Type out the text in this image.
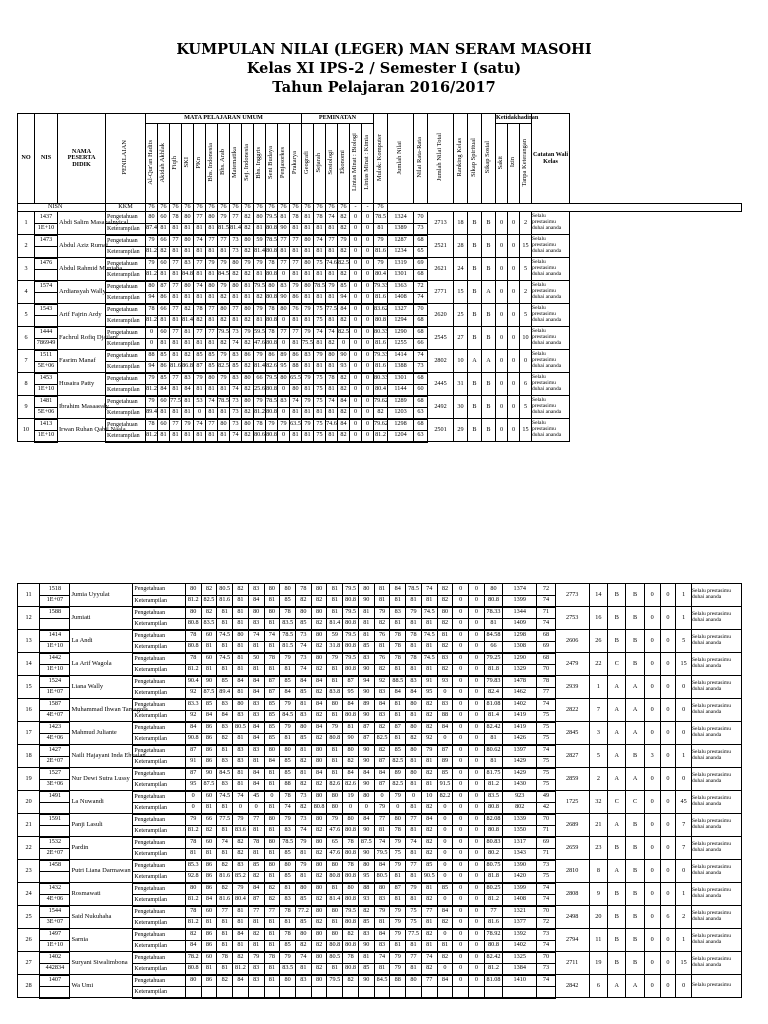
KUMPULAN NILAI (LEGER) MAN SERAM MASOHI
Kelas XI IPS-2 / Semester I (satu)
Tahun Pelajaran 2016/2017
NO	NIS	NAMA PESERTA DIDIK	PENILAIAN	MATA PELAJARAN UMUM													PEMINATAN						Mulok: Komputer	Jumlah Nilai	Nilai Rata-Rata	Jumlah Nilai Total	Ranking Kelas	Sikap Spiritual	Sikap Sosial	Ketidakhadiran			Catatan Wali Kelas
				Al-Qur'an Hadits	Akidah Akhlak	Fiqih	SKI	PKn	Bhs. Indonesia	Bhs. Arab	Matematika	Sej. Indonesia	Bhs. Inggris	Seni Budaya	Penjasorkes	Prakarya	Geografi	Sejarah	Sosiologi	Ekonomi	Lintas Minat : Biologi	Lintas Minat : Kimia								Sakit	Izin	Tanpa Keterangan	
NISN			KKM	76	76	76	76	76	76	76	76	76	76	76	76	76	76	76	76	76	-	-	76										
1	1437	Abdi Salim Masahalnyical	Pengetahuan	80	60	78	80	77	80	79	77	82	80	79.5	81	78	81	78	74	82	0	0	78.5	1324	70	2713	18	B	B	0	0	2	Selalu prestasimu duhai ananda
	1E+10		Keterampilan	87.4	81	81	81	81	81	81.5	81.4	82	81	80.8	90	81	81	81	81	82	0	0	81	1389	73								
2	1473	Abdul Aziz Rumaf	Pengetahuan	79	66	77	80	74	77	77	73	80	59	78.5	77	77	80	74	77	79	0	0	79	1287	68	2521	28	B	B	0	0	15	Selalu prestasimu duhai ananda
			Keterampilan	81.2	82	81	81	81	81	81	73	82	81.4	80.8	81	81	81	81	81	82	0	0	81.6	1234	65								
3	1476	Abdul Rahmid Muniaba	Pengetahuan	79	60	77	83	77	79	79	80	79	79	78	77	77	80	75	74.6	82.5	0	0	79	1319	69	2621	24	B	B	0	0	5	Selalu prestasimu duhai ananda
			Keterampilan	81.2	81	81	84.8	81	81	84.5	82	82	81	80.8	0	81	81	81	81	82	0	0	80.4	1301	68								
4	1574	Ardiansyah Wally	Pengetahuan	80	87	77	80	74	80	79	80	81	79.5	80	83	79	80	78.5	79	85	0	0	79.33	1363	72	2771	15	B	A	0	0	2	Selalu prestasimu duhai ananda
			Keterampilan	94	86	81	81	81	81	82	81	81	82	80.8	90	86	81	81	81	94	0	0	81.6	1408	74								
5	1543	Arif Fajrin Ardy	Pengetahuan	78	66	77	82	78	77	80	77	80	79	78	80	76	79	75	77.5	84	0	0	83.62	1327	70	2620	25	B	B	0	0	5	Selalu prestasimu duhai ananda
			Keterampilan	81.2	81	81	81.4	82	81	82	81	82	81	80.8	0	81	81	75	81	82	0	0	80.8	1294	68								
6	1444	Fachrul Rofiq Djailani	Pengetahuan	0	60	77	81	77	77	79.5	73	79	59.5	78	77	77	79	74	74	82.5	0	0	80.33	1290	68	2545	27	B	B	0	0	10	Selalu prestasimu duhai ananda
	786949		Keterampilan	0	81	81	81	81	81	82	74	82	47.6	80.8	0	81	75.5	81	82	0	0	0	81.6	1255	66								
7	1511	Fasrim Manaf	Pengetahuan	88	85	81	82	85	85	79	83	86	79	86	89	86	83	79	80	90	0	0	79.33	1414	74	2802	10	A	A	0	0	0	Selalu prestasimu duhai ananda
	5E+06		Keterampilan	94	86	81.6	86.8	87	85	82.5	85	82	81.4	82.6	95	88	81	81	81	93	0	0	81.6	1388	73								
8	1453	Husaira Patty	Pengetahuan	79	85	77	83	79	80	79	83	80	66	79.5	80	65.5	79	75	78	82	0	0	80.33	1301	68	2445	31	B	B	0	0	6	Selalu prestasimu duhai ananda
	1E+10		Keterampilan	81.2	84	81	84	81	81	81	74	82	25.6	80.8	0	80	81	75	81	82	0	0	80.4	1144	60								
9	1481	Ibrahim Masaaealy	Pengetahuan	79	60	77.5	81	53	74	78.5	73	80	79	78.5	83	74	79	75	74	84	0	0	79.62	1289	68	2492	30	B	B	0	0	5	Selalu prestasimu duhai ananda
	5E+06		Keterampilan	89.4	81	81	81	0	81	81	73	82	81.2	80.8	0	81	81	81	81	82	0	0	82	1203	63								
10	1413	Irwan Ruhan Qabil Naala	Pengetahuan	78	60	77	79	74	77	80	73	80	78	79	79	63.5	79	75	74.6	84	0	0	79.62	1298	68	2501	29	B	B	0	0	15	Selalu prestasimu duhai ananda
	1E+10		Keterampilan	81.2	81	81	81	81	81	81	74	82	80.6	80.8	0	81	81	75	81	82	0	0	81.2	1204	63								
11	1518	Jumia Uyyulat	Pengetahuan	80	82	80.5	82	83	80	80	78	80	81	79.5	80	81	84	78.5	74	82	0	0	80	1374	72	2773	14	B	B	0	0	1	Selalu prestasimu duhai ananda
	1E+07		Keterampilan	81.2	82.5	81.6	81	84	81	85	82	82	81	80.8	90	81	81	81	81	82	0	0	80.8	1399	74								
12	1588	Jumiati	Pengetahuan	80	82	81	81	80	80	78	80	80	81	79.5	81	79	83	79	74.5	80	0	0	78.33	1344	71	2753	16	B	B	0	0	1	Selalu prestasimu duhai ananda
			Keterampilan	80.8	83.5	81	81	83	81	83.5	85	82	81.4	80.8	81	82	81	81	81	82	0	0	81	1409	74								
13	1414	La Andi	Pengetahuan	78	60	74.5	80	74	74	78.5	73	80	59	79.5	81	76	78	78	74.5	81	0	0	84.58	1298	68	2606	26	B	B	0	0	5	Selalu prestasimu duhai ananda
	1E+10		Keterampilan	80.8	81	81	81	81	81	81.5	74	82	31.8	80.8	85	81	78	81	81	82	0	0	66	1308	69								
14	1442	La Arif Wagola	Pengetahuan	78	60	74.5	81	50	78	79	73	80	79	79.5	83	76	78	78	74.5	83	0	0	79.25	1290	68	2479	22	C	B	0	0	15	Selalu prestasimu duhai ananda
	1E+10		Keterampilan	81.2	81	81	81	81	81	81	74	82	81	80.8	90	82	81	81	81	82	0	0	81.8	1329	70								
15	1524	Liana Wally	Pengetahuan	90.4	90	85	84	84	87	85	84	84	81	87	94	92	88.5	83	91	93	0	0	79.83	1478	78	2939	1	A	A	0	0	0	Selalu prestasimu duhai ananda
	1E+07		Keterampilan	92	87.5	89.4	81	84	87	84	85	82	83.8	95	90	83	84	84	95	0	0	0	82.4	1462	77								
16	1587	Muhammad Ihwan Tamagola	Pengetahuan	83.3	85	83	80	83	85	79	81	84	80	84	89	84	81	80	82	83	0	0	81.08	1402	74	2822	7	A	A	0	0	0	Selalu prestasimu duhai ananda
	4E+07		Keterampilan	92	84	84	83	83	85	84.5	83	82	81	80.8	90	83	81	81	82	88	0	0	81.4	1419	75								
17	1423	Mahmud Juliante	Pengetahuan	84	86	83	80.5	84	85	79	80	84	79	81	87	82	87	80	82	84	0	0	82.42	1419	75	2845	3	A	A	0	0	0	Selalu prestasimu duhai ananda
	4E+06		Keterampilan	90.8	86	82	81	84	85	81	85	82	80.8	90	87	82.5	81	82	92	0	0	0	81	1426	75								
18	1427	Naili Hajayani Inda Ehualan	Pengetahuan	87	86	81	83	83	80	80	81	80	81	80	90	82	85	80	79	87	0	0	80.62	1397	74	2827	5	A	B	3	0	1	Selalu prestasimu duhai ananda
	2E+07		Keterampilan	91	86	83	83	81	84	85	82	80	81	82	90	87	82.5	81	81	89	0	0	81	1429	75								
19	1527	Nur Dewi Sutra Lussy	Pengetahuan	87	90	84.5	81	84	81	85	81	84	81	84	84	84	89	80	82	85	0	0	81.75	1429	75	2859	2	A	A	0	0	0	Selalu prestasimu duhai ananda
	3E+06		Keterampilan	95	87.5	83	81	84	81	88	82	82	82.6	82.6	90	87	82.5	81	81	91.5	0	0	81.2	1430	75								
20	1491	La Nuwandi	Pengetahuan	0	60	74.5	74	45	0	78	73	80	80	19	80	0	79	0	10	82.2	0	0	83.5	923	49	1725	32	C	C	0	0	45	Selalu prestasimu duhai ananda
			Keterampilan	0	81	81	0	0	81	74	82	80.8	80	0	0	79	0	81	82	0	0	0	80.8	802	42								
21	1591	Panji Lasuli	Pengetahuan	79	66	77.5	79	77	80	79	73	80	79	80	84	77	80	77	84	0	0	0	82.08	1339	70	2689	21	A	B	0	0	7	Selalu prestasimu duhai ananda
			Keterampilan	81.2	82	81	83.6	81	81	83	74	82	47.6	80.8	90	81	78	81	82	0	0	0	80.8	1350	71								
22	1532	Pardin	Pengetahuan	78	60	74	82	78	80	78.5	79	80	65	78	87.5	74	79	74	82	0	0	0	80.83	1317	69	2659	23	B	B	0	0	7	Selalu prestasimu duhai ananda
	2E+07		Keterampilan	81	81	81	82	81	81	85	81	82	47.6	80.8	90	79.5	75	81	82	0	0	0	80.2	1343	71								
23	1458	Putri Liana Darmawan	Pengetahuan	85.3	86	82	83	85	80	80	79	80	80	78	80	84	79	77	85	0	0	0	80.75	1390	73	2810	8	A	B	0	0	0	Selalu prestasimu duhai ananda
			Keterampilan	92.8	86	81.6	85.2	82	81	85	81	82	80.8	80.8	95	80.5	81	81	90.5	0	0	0	81.8	1420	75								
24	1432	Rosmawati	Pengetahuan	80	86	82	79	84	82	81	80	80	81	80	88	80	87	79	81	85	0	0	80.25	1399	74	2808	9	B	B	0	0	1	Selalu prestasimu duhai ananda
	4E+06		Keterampilan	81.2	84	81.6	80.4	87	82	83	85	82	81.4	80.8	93	83	81	81	82	0	0	0	81.2	1408	74								
25	1544	Said Nukuhaha	Pengetahuan	78	60	77	81	77	77	78	77.2	80	80	79.5	82	79	79	75	77	84	0	0	77	1321	70	2498	20	B	B	0	6	2	Selalu prestasimu duhai ananda
	3E+07		Keterampilan	81.2	81	81	81	81	81	81	85	82	81	80.8	85	81	79	75	81	82	0	0	81.6	1377	72								
26	1497	Sarnia	Pengetahuan	82	86	81	84	82	81	78	80	80	80	82	83	84	79	77.5	82	0	0	0	78.92	1392	73	2794	11	B	B	0	0	1	Selalu prestasimu duhai ananda
	1E+10		Keterampilan	84	86	81	81	81	81	85	82	82	80.8	80.8	90	83	81	81	81	81	0	0	80.8	1402	74								
27	1402	Suryani Siwalimbona	Pengetahuan	78.2	60	78	82	79	78	79	74	80	80.5	78	81	74	79	77	74	82	0	0	82.42	1325	70	2711	19	B	B	0	0	15	Selalu prestasimu duhai ananda
	442834		Keterampilan	80.8	81	81	81.2	83	81	83.5	81	82	81	80.8	85	81	79	81	82	0	0	0	81.2	1384	73								
28	1407	Wa Umi	Pengetahuan	80	86	82	84	83	81	80	83	80	79.5	82	90	84.5	88	80	77	84	0	0	81.08	1410	74	2842	6	A	A	0	0	0	Selalu prestasimu
			Keterampilan																														
